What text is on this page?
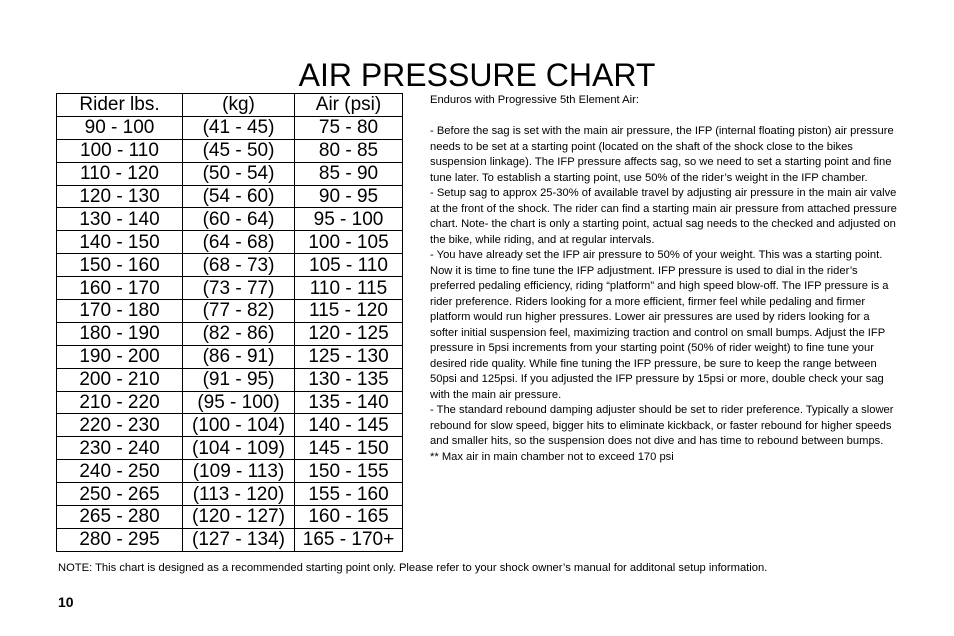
AIR PRESSURE CHART
Rider lbs.	(kg)	Air (psi)
90 - 100	(41 - 45)	75 - 80
100 - 110	(45 - 50)	80 - 85
110 - 120	(50 - 54)	85 - 90
120 - 130	(54 - 60)	90 - 95
130 - 140	(60 - 64)	95 - 100
140 - 150	(64 - 68)	100 - 105
150 - 160	(68 - 73)	105 - 110
160 - 170	(73 - 77)	110 - 115
170 - 180	(77 - 82)	115 - 120
180 - 190	(82 - 86)	120 - 125
190 - 200	(86 - 91)	125 - 130
200 - 210	(91 - 95)	130 - 135
210 - 220	(95 - 100)	135 - 140
220 - 230	(100 - 104)	140 - 145
230 - 240	(104 - 109)	145 - 150
240 - 250	(109 - 113)	150 - 155
250 - 265	(113 - 120)	155 - 160
265 - 280	(120 - 127)	160 - 165
280 - 295	(127 - 134)	165 - 170+

Enduros with Progressive 5th Element Air:

- Before the sag is set with the main air pressure, the IFP (internal floating piston) air pressure needs to be set at a starting point (located on the shaft of the shock close to the bikes suspension linkage). The IFP pressure affects sag, so we need to set a starting point and fine tune later. To establish a starting point, use 50% of the rider’s weight in the IFP chamber.

- Setup sag to approx 25-30% of available travel by adjusting air pressure in the main air valve at the front of the shock. The rider can find a starting main air pressure from attached pressure chart. Note- the chart is only a starting point, actual sag needs to the checked and adjusted on the bike, while riding, and at regular intervals.

- You have already set the IFP air pressure to 50% of your weight. This was a starting point. Now it is time to fine tune the IFP adjustment. IFP pressure is used to dial in the rider’s preferred pedaling efficiency, riding “platform” and high speed blow-off. The IFP pressure is a rider preference. Riders looking for a more efficient, firmer feel while pedaling and firmer platform would run higher pressures. Lower air pressures are used by riders looking for a softer initial suspension feel, maximizing traction and control on small bumps. Adjust the IFP pressure in 5psi increments from your starting point (50% of rider weight) to fine tune your desired ride quality. While fine tuning the IFP pressure, be sure to keep the range between 50psi and 125psi. If you adjusted the IFP pressure by 15psi or more, double check your sag with the main air pressure.

- The standard rebound damping adjuster should be set to rider preference. Typically a slower rebound for slow speed, bigger hits to eliminate kickback, or faster rebound for higher speeds and smaller hits, so the suspension does not dive and has time to rebound between bumps.

** Max air in main chamber not to exceed 170 psi

NOTE: This chart is designed as a recommended starting point only. Please refer to your shock owner’s manual for additonal setup information.
10
